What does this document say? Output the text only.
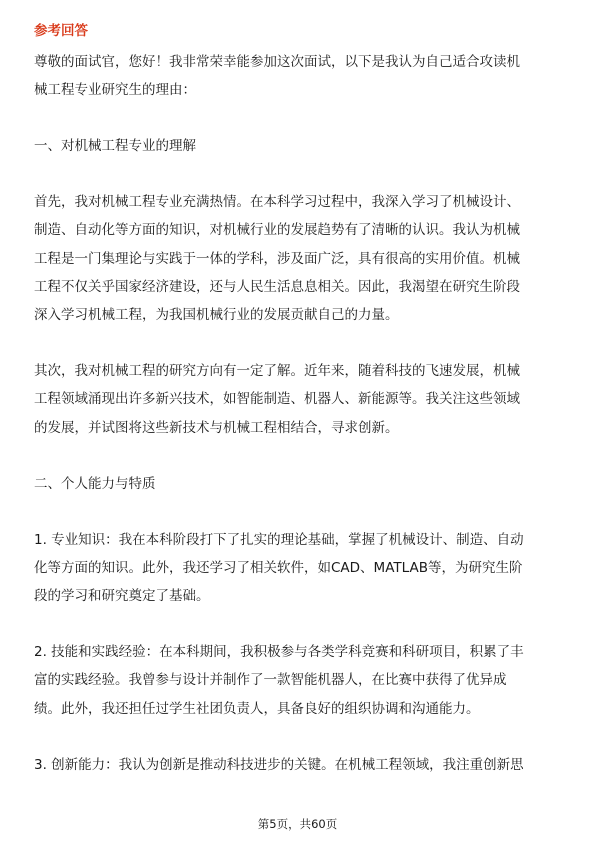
参考回答
尊敬的面试官，您好！我非常荣幸能参加这次面试，以下是我认为自己适合攻读机
械工程专业研究生的理由：
一、对机械工程专业的理解
首先，我对机械工程专业充满热情。在本科学习过程中，我深入学习了机械设计、
制造、自动化等方面的知识，对机械行业的发展趋势有了清晰的认识。我认为机械
工程是一门集理论与实践于一体的学科，涉及面广泛，具有很高的实用价值。机械
工程不仅关乎国家经济建设，还与人民生活息息相关。因此，我渴望在研究生阶段
深入学习机械工程，为我国机械行业的发展贡献自己的力量。
其次，我对机械工程的研究方向有一定了解。近年来，随着科技的飞速发展，机械
工程领域涌现出许多新兴技术，如智能制造、机器人、新能源等。我关注这些领域
的发展，并试图将这些新技术与机械工程相结合，寻求创新。
二、个人能力与特质
1. 专业知识：我在本科阶段打下了扎实的理论基础，掌握了机械设计、制造、自动
化等方面的知识。此外，我还学习了相关软件，如CAD、MATLAB等，为研究生阶
段的学习和研究奠定了基础。
2. 技能和实践经验：在本科期间，我积极参与各类学科竞赛和科研项目，积累了丰
富的实践经验。我曾参与设计并制作了一款智能机器人，在比赛中获得了优异成
绩。此外，我还担任过学生社团负责人，具备良好的组织协调和沟通能力。
3. 创新能力：我认为创新是推动科技进步的关键。在机械工程领域，我注重创新思
第5页，共60页
